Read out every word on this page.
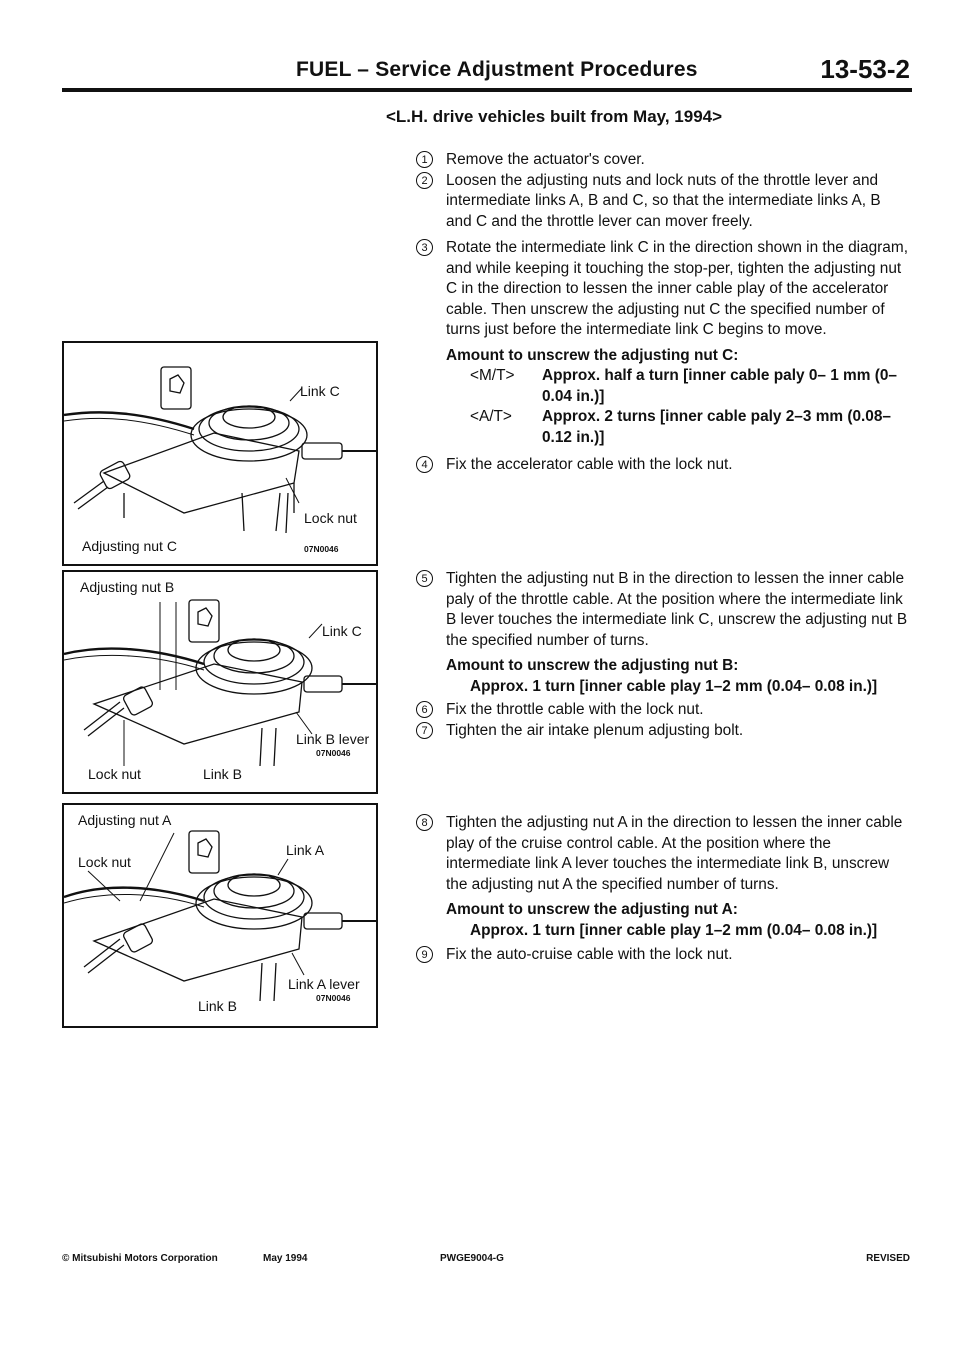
FUEL – Service Adjustment Procedures	13-53-2
<L.H. drive vehicles built from May, 1994>
Link C
Lock nut
Adjusting nut C	07N0046
Adjusting nut B
Link C
Link B lever
07N0046
Lock nut	Link B
Adjusting nut A
Lock nut
Link A
Link A lever
07N0046
Link B

1	Remove the actuator's cover.

2	Loosen the adjusting nuts and lock nuts of the throttle lever and intermediate links A, B and C, so that the intermediate links A, B and C and the throttle lever can mover freely.

3	Rotate the intermediate link C in the direction shown in the diagram, and while keeping it touching the stop-per, tighten the adjusting nut C in the direction to lessen the inner cable play of the accelerator cable. Then unscrew the adjusting nut C the specified number of turns just before the intermediate link C begins to move.

Amount to unscrew the adjusting nut C:
<M/T>	Approx. half a turn [inner cable paly 0– 1 mm (0–0.04 in.)]
<A/T>	Approx. 2 turns [inner cable paly 2–3 mm (0.08–0.12 in.)]

4	Fix the accelerator cable with the lock nut.

5	Tighten the adjusting nut B in the direction to lessen the inner cable paly of the throttle cable. At the position where the intermediate link B lever touches the intermediate link C, unscrew the adjusting nut B the specified number of turns.

Amount to unscrew the adjusting nut B:
Approx. 1 turn [inner cable play 1–2 mm (0.04– 0.08 in.)]

6	Fix the throttle cable with the lock nut.

7	Tighten the air intake plenum adjusting bolt.

8	Tighten the adjusting nut A in the direction to lessen the inner cable play of the cruise control cable. At the position where the intermediate link A lever touches the intermediate link B, unscrew the adjusting nut A the specified number of turns.

Amount to unscrew the adjusting nut A:
Approx. 1 turn [inner cable play 1–2 mm (0.04– 0.08 in.)]

9	Fix the auto-cruise cable with the lock nut.

© Mitsubishi Motors Corporation	May 1994	PWGE9004-G	REVISED
